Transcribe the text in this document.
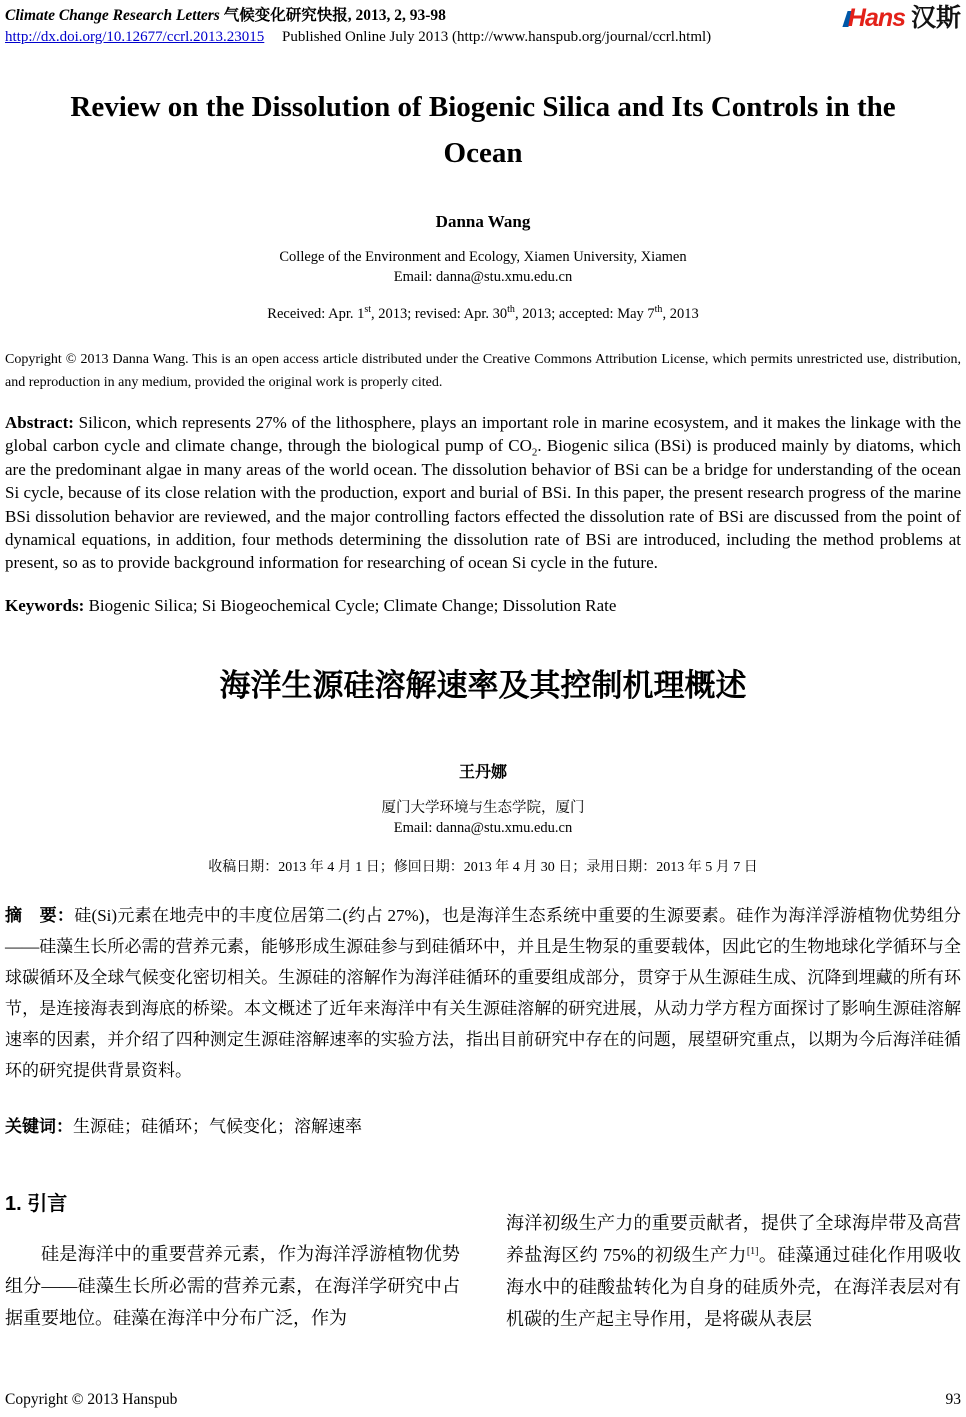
Climate Change Research Letters 气候变化研究快报, 2013, 2, 93-98
http://dx.doi.org/10.12677/ccrl.2013.23015 Published Online July 2013 (http://www.hanspub.org/journal/ccrl.html)
Hans 汉斯
Review on the Dissolution of Biogenic Silica and Its Controls in the Ocean
Danna Wang
College of the Environment and Ecology, Xiamen University, Xiamen
Email: danna@stu.xmu.edu.cn
Received: Apr. 1st, 2013; revised: Apr. 30th, 2013; accepted: May 7th, 2013

Copyright © 2013 Danna Wang. This is an open access article distributed under the Creative Commons Attribution License, which permits unrestricted use, distribution, and reproduction in any medium, provided the original work is properly cited.

Abstract: Silicon, which represents 27% of the lithosphere, plays an important role in marine ecosystem, and it makes the linkage with the global carbon cycle and climate change, through the biological pump of $CO_2$. Biogenic silica (BSi) is produced mainly by diatoms, which are the predominant algae in many areas of the world ocean. The dissolution behavior of BSi can be a bridge for understanding of the ocean Si cycle, because of its close relation with the production, export and burial of BSi. In this paper, the present research progress of the marine BSi dissolution behavior are reviewed, and the major controlling factors effected the dissolution rate of BSi are discussed from the point of dynamical equations, in addition, four methods determining the dissolution rate of BSi are introduced, including the method problems at present, so as to provide background information for researching of ocean Si cycle in the future.

Keywords: Biogenic Silica; Si Biogeochemical Cycle; Climate Change; Dissolution Rate

海洋生源硅溶解速率及其控制机理概述
王丹娜
厦门大学环境与生态学院，厦门
Email: danna@stu.xmu.edu.cn
收稿日期：2013 年 4 月 1 日；修回日期：2013 年 4 月 30 日；录用日期：2013 年 5 月 7 日

摘　要：硅(Si)元素在地壳中的丰度位居第二(约占 27%)，也是海洋生态系统中重要的生源要素。硅作为海洋浮游植物优势组分——硅藻生长所必需的营养元素，能够形成生源硅参与到硅循环中，并且是生物泵的重要载体，因此它的生物地球化学循环与全球碳循环及全球气候变化密切相关。生源硅的溶解作为海洋硅循环的重要组成部分，贯穿于从生源硅生成、沉降到埋藏的所有环节，是连接海表到海底的桥梁。本文概述了近年来海洋中有关生源硅溶解的研究进展，从动力学方程方面探讨了影响生源硅溶解速率的因素，并介绍了四种测定生源硅溶解速率的实验方法，指出目前研究中存在的问题，展望研究重点，以期为今后海洋硅循环的研究提供背景资料。

关键词：生源硅；硅循环；气候变化；溶解速率

1. 引言

硅是海洋中的重要营养元素，作为海洋浮游植物优势组分——硅藻生长所必需的营养元素，在海洋学研究中占据重要地位。硅藻在海洋中分布广泛，作为

海洋初级生产力的重要贡献者，提供了全球海岸带及高营养盐海区约 75%的初级生产力[1]。硅藻通过硅化作用吸收海水中的硅酸盐转化为自身的硅质外壳，在海洋表层对有机碳的生产起主导作用，是将碳从表层

Copyright © 2013 Hanspub	93
